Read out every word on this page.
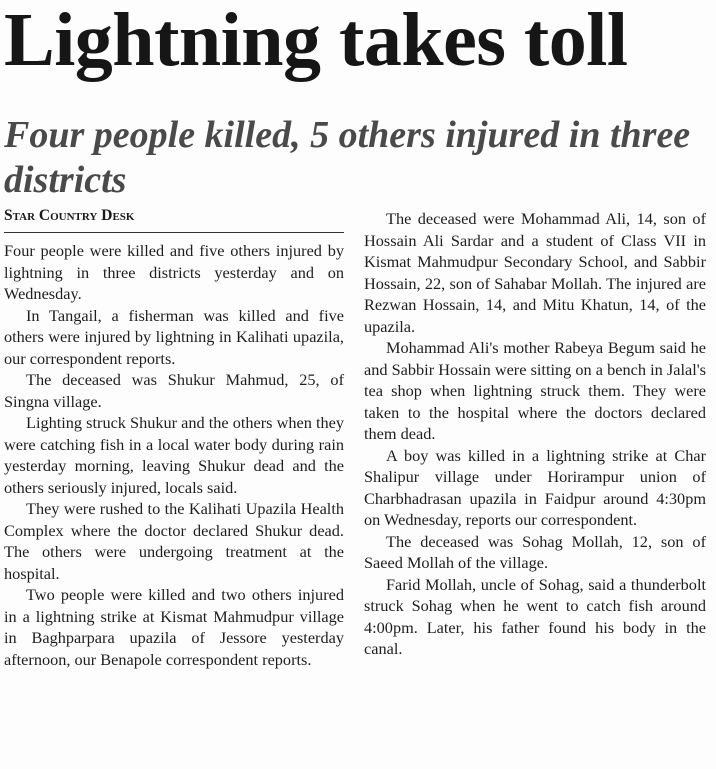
Lightning takes toll
Four people killed, 5 others injured in three districts
Star Country Desk

Four people were killed and five others injured by lightning in three districts yesterday and on Wednesday.

In Tangail, a fisherman was killed and five others were injured by lightning in Kalihati upazila, our correspondent reports.

The deceased was Shukur Mahmud, 25, of Singna village.

Lighting struck Shukur and the others when they were catching fish in a local water body during rain yesterday morning, leaving Shukur dead and the others seriously injured, locals said.

They were rushed to the Kalihati Upazila Health Complex where the doctor declared Shukur dead. The others were undergoing treatment at the hospital.

Two people were killed and two others injured in a lightning strike at Kismat Mahmudpur village in Baghparpara upazila of Jessore yesterday afternoon, our Benapole correspondent reports.

The deceased were Mohammad Ali, 14, son of Hossain Ali Sardar and a student of Class VII in Kismat Mahmudpur Secondary School, and Sabbir Hossain, 22, son of Sahabar Mollah. The injured are Rezwan Hossain, 14, and Mitu Khatun, 14, of the upazila.

Mohammad Ali's mother Rabeya Begum said he and Sabbir Hossain were sitting on a bench in Jalal's tea shop when lightning struck them. They were taken to the hospital where the doctors declared them dead.

A boy was killed in a lightning strike at Char Shalipur village under Horirampur union of Charbhadrasan upazila in Faidpur around 4:30pm on Wednesday, reports our correspondent.

The deceased was Sohag Mollah, 12, son of Saeed Mollah of the village.

Farid Mollah, uncle of Sohag, said a thunderbolt struck Sohag when he went to catch fish around 4:00pm. Later, his father found his body in the canal.
